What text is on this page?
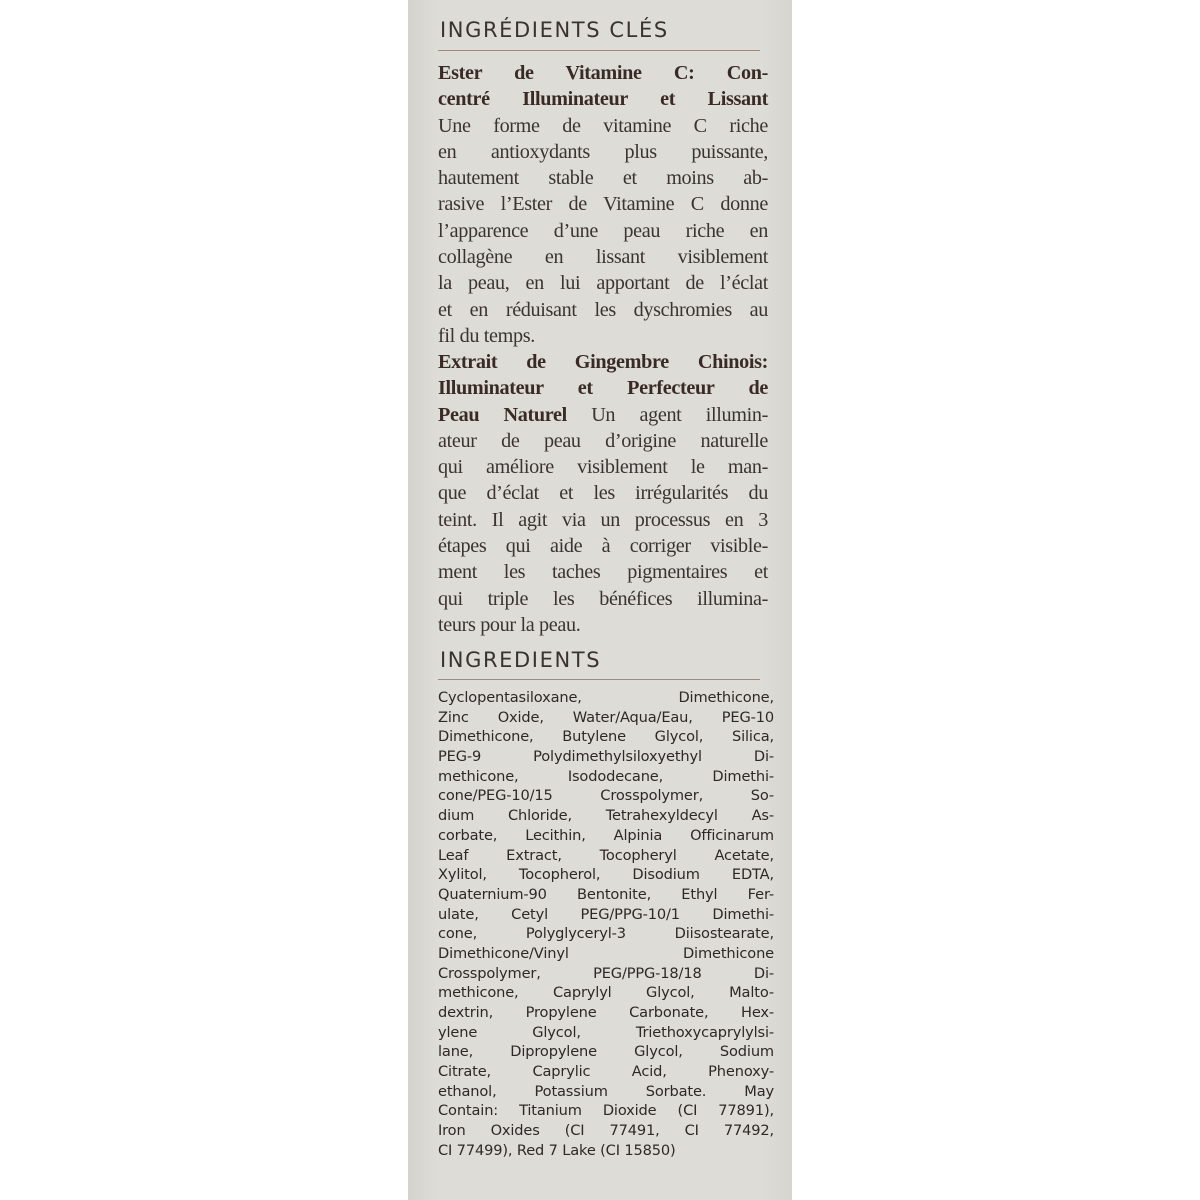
INGRÉDIENTS CLÉS
Ester de Vitamine C: Con-
centré Illuminateur et Lissant
Une forme de vitamine C riche
en antioxydants plus puissante,
hautement stable et moins ab-
rasive l’Ester de Vitamine C donne
l’apparence d’une peau riche en
collagène en lissant visiblement
la peau, en lui apportant de l’éclat
et en réduisant les dyschromies au
fil du temps.
Extrait de Gingembre Chinois:
Illuminateur et Perfecteur de
Peau Naturel Un agent illumin-
ateur de peau d’origine naturelle
qui améliore visiblement le man-
que d’éclat et les irrégularités du
teint. Il agit via un processus en 3
étapes qui aide à corriger visible-
ment les taches pigmentaires et
qui triple les bénéfices illumina-
teurs pour la peau.
INGREDIENTS
Cyclopentasiloxane, Dimethicone,
Zinc Oxide, Water/Aqua/Eau, PEG-10
Dimethicone, Butylene Glycol, Silica,
PEG-9 Polydimethylsiloxyethyl Di-
methicone, Isododecane, Dimethi-
cone/PEG-10/15 Crosspolymer, So-
dium Chloride, Tetrahexyldecyl As-
corbate, Lecithin, Alpinia Officinarum
Leaf Extract, Tocopheryl Acetate,
Xylitol, Tocopherol, Disodium EDTA,
Quaternium-90 Bentonite, Ethyl Fer-
ulate, Cetyl PEG/PPG-10/1 Dimethi-
cone, Polyglyceryl-3 Diisostearate,
Dimethicone/Vinyl Dimethicone
Crosspolymer, PEG/PPG-18/18 Di-
methicone, Caprylyl Glycol, Malto-
dextrin, Propylene Carbonate, Hex-
ylene Glycol, Triethoxycaprylylsi-
lane, Dipropylene Glycol, Sodium
Citrate, Caprylic Acid, Phenoxy-
ethanol, Potassium Sorbate. May
Contain: Titanium Dioxide (CI 77891),
Iron Oxides (CI 77491, CI 77492,
CI 77499), Red 7 Lake (CI 15850)
